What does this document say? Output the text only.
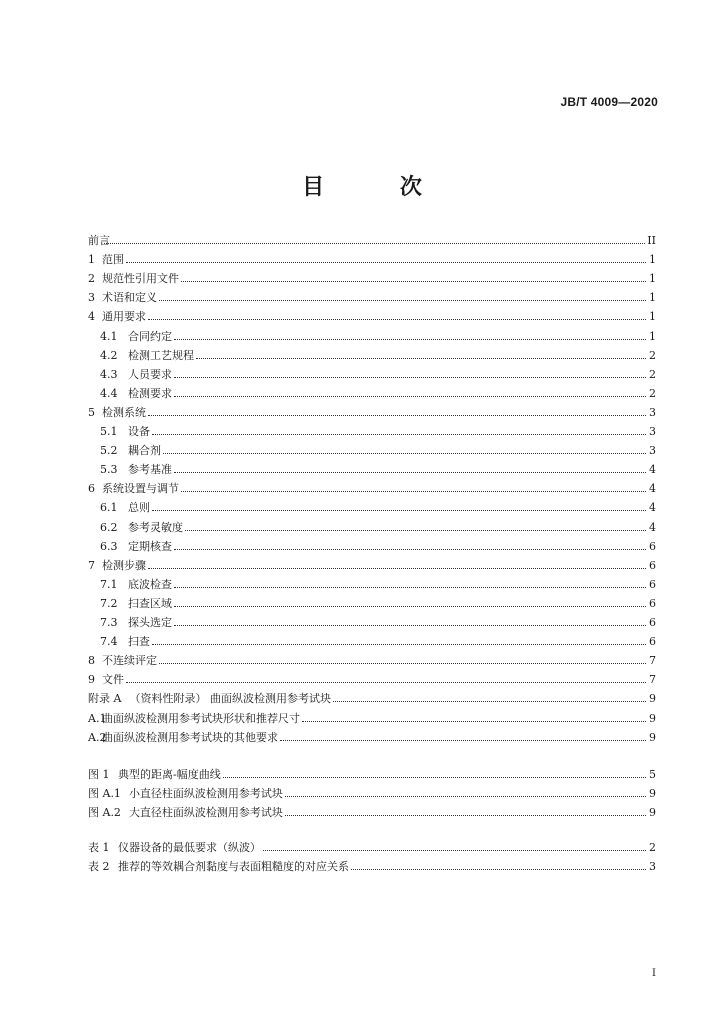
JB/T 4009—2020
目 次
前言	II
1 范围	1
2 规范性引用文件	1
3 术语和定义	1
4 通用要求	1
4.1 合同约定	1
4.2 检测工艺规程	2
4.3 人员要求	2
4.4 检测要求	2
5 检测系统	3
5.1 设备	3
5.2 耦合剂	3
5.3 参考基准	4
6 系统设置与调节	4
6.1 总则	4
6.2 参考灵敏度	4
6.3 定期核查	6
7 检测步骤	6
7.1 底波检查	6
7.2 扫查区域	6
7.3 探头选定	6
7.4 扫查	6
8 不连续评定	7
9 文件	7
附录 A （资料性附录） 曲面纵波检测用参考试块	9
A.1曲面纵波检测用参考试块形状和推荐尺寸	9
A.2曲面纵波检测用参考试块的其他要求	9
图 1 典型的距离-幅度曲线	5
图 A.1 小直径柱面纵波检测用参考试块	9
图 A.2 大直径柱面纵波检测用参考试块	9
表 1 仪器设备的最低要求（纵波）	2
表 2 推荐的等效耦合剂黏度与表面粗糙度的对应关系	3
I
